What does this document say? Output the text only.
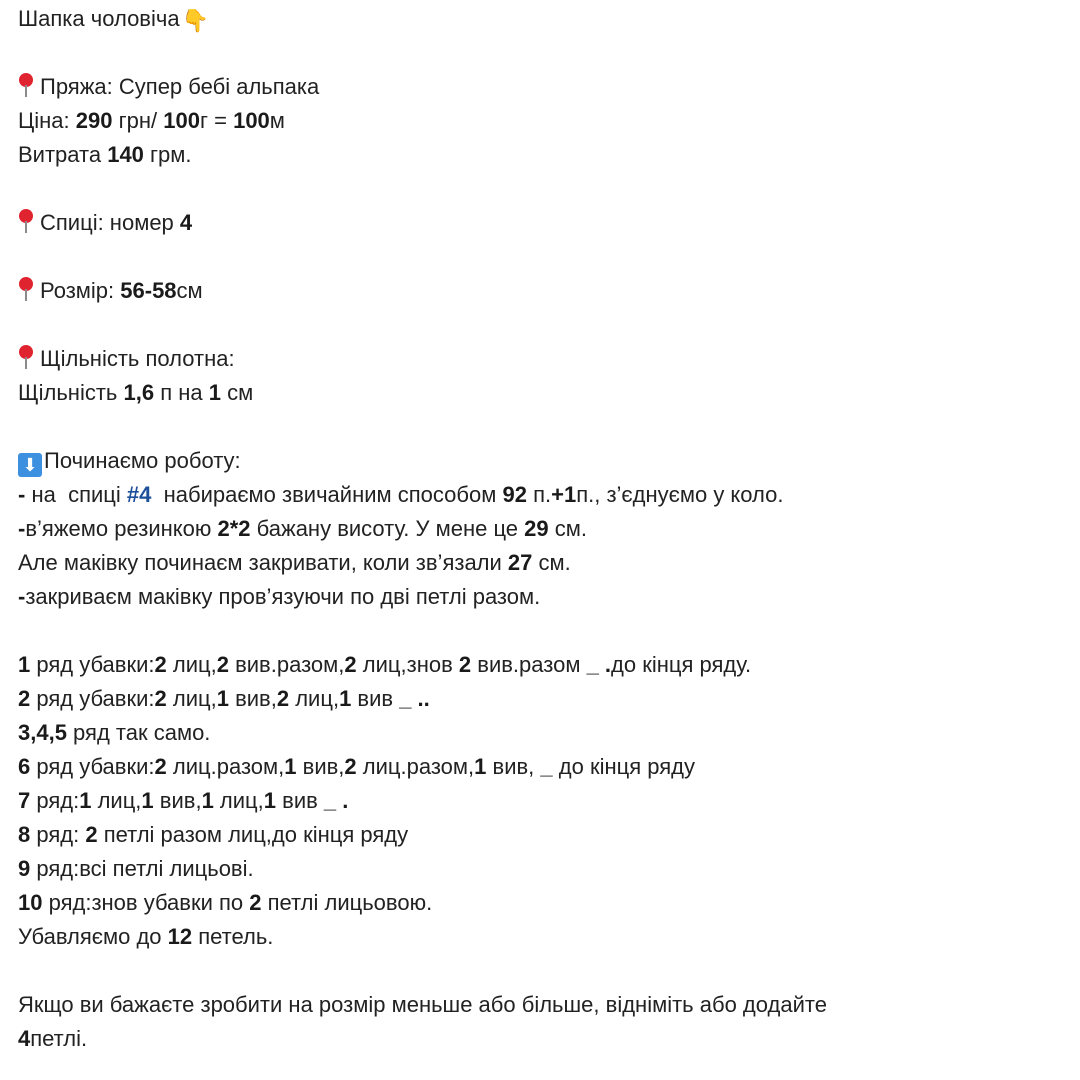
Шапка чоловіча👇
Пряжа: Супер бебі альпака
Ціна: 290 грн/ 100г = 100м
Витрата 140 грм.
Спиці: номер 4
Розмір: 56-58см
Щільність полотна:
Щільність 1,6 п на 1 см
⬇ Починаємо роботу:
- на  спиці #4  набираємо звичайним способом 92 п.+1п., з’єднуємо у коло.
-в’яжемо резинкою 2*2 бажану висоту. У мене це 29 см.
Але маківку починаєм закривати, коли зв’язали 27 см.
-закриваєм маківку пров’язуючи по дві петлі разом.
1 ряд убавки:2 лиц,2 вив.разом,2 лиц,знов 2 вив.разом _ .до кінця ряду.
2 ряд убавки:2 лиц,1 вив,2 лиц,1 вив _ ..
3,4,5 ряд так само.
6 ряд убавки:2 лиц.разом,1 вив,2 лиц.разом,1 вив, _ до кінця ряду
7 ряд:1 лиц,1 вив,1 лиц,1 вив _ .
8 ряд: 2 петлі разом лиц,до кінця ряду
9 ряд:всі петлі лицьові.
10 ряд:знов убавки по 2 петлі лицьовою.
Убавляємо до 12 петель.
Якщо ви бажаєте зробити на розмір меньше або більше, відніміть або додайте
4петлі.
